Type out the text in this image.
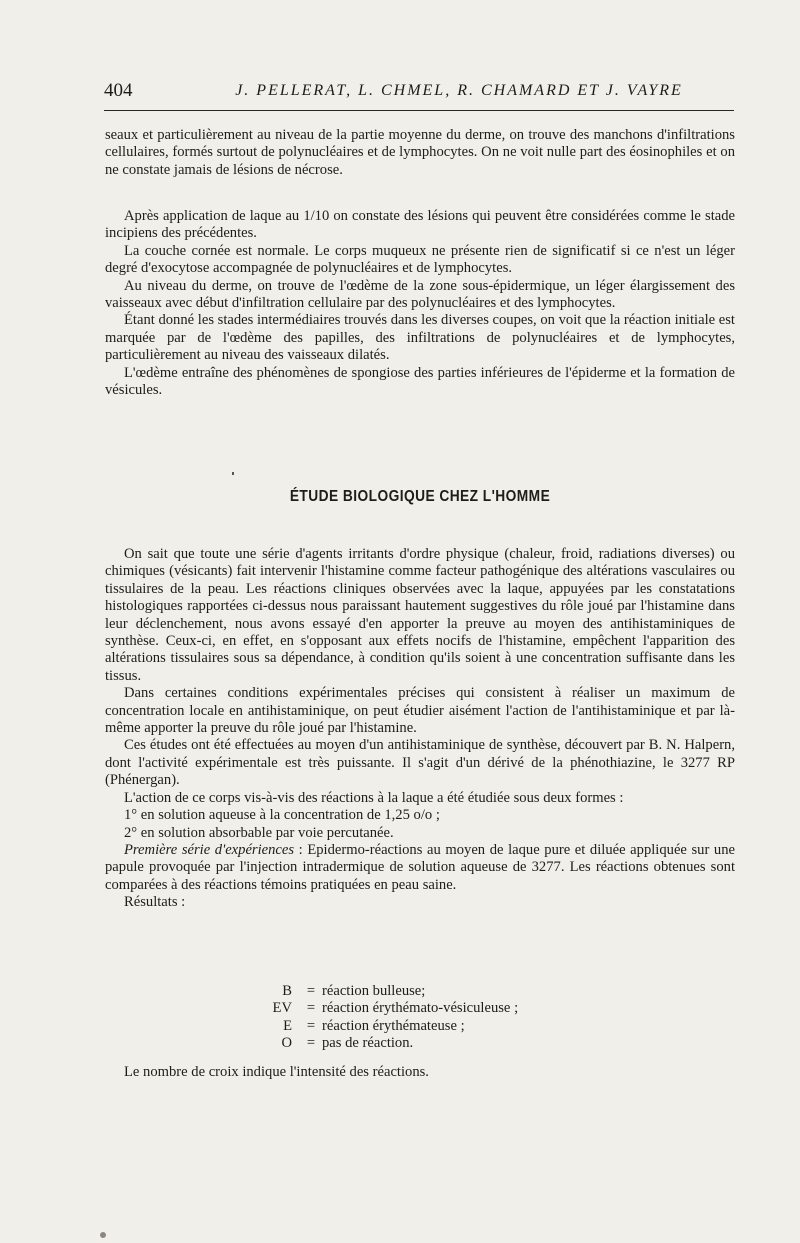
404	J. PELLERAT, L. CHMEL, R. CHAMARD ET J. VAYRE

seaux et particulièrement au niveau de la partie moyenne du derme, on trouve des manchons d'infiltrations cellulaires, formés surtout de polynucléaires et de lymphocytes. On ne voit nulle part des éosinophiles et on ne constate jamais de lésions de nécrose.

Après application de laque au 1/10 on constate des lésions qui peuvent être considérées comme le stade incipiens des précédentes.

La couche cornée est normale. Le corps muqueux ne présente rien de significatif si ce n'est un léger degré d'exocytose accompagnée de polynucléaires et de lymphocytes.

Au niveau du derme, on trouve de l'œdème de la zone sous-épidermique, un léger élargissement des vaisseaux avec début d'infiltration cellulaire par des polynucléaires et des lymphocytes.

Étant donné les stades intermédiaires trouvés dans les diverses coupes, on voit que la réaction initiale est marquée par de l'œdème des papilles, des infiltrations de polynucléaires et de lymphocytes, particulièrement au niveau des vaisseaux dilatés.

L'œdème entraîne des phénomènes de spongiose des parties inférieures de l'épiderme et la formation de vésicules.

ÉTUDE BIOLOGIQUE CHEZ L'HOMME

On sait que toute une série d'agents irritants d'ordre physique (chaleur, froid, radiations diverses) ou chimiques (vésicants) fait intervenir l'histamine comme facteur pathogénique des altérations vasculaires ou tissulaires de la peau. Les réactions cliniques observées avec la laque, appuyées par les constatations histologiques rapportées ci-dessus nous paraissant hautement suggestives du rôle joué par l'histamine dans leur déclenchement, nous avons essayé d'en apporter la preuve au moyen des antihistaminiques de synthèse. Ceux-ci, en effet, en s'opposant aux effets nocifs de l'histamine, empêchent l'apparition des altérations tissulaires sous sa dépendance, à condition qu'ils soient à une concentration suffisante dans les tissus.

Dans certaines conditions expérimentales précises qui consistent à réaliser un maximum de concentration locale en antihistaminique, on peut étudier aisément l'action de l'antihistaminique et par là-même apporter la preuve du rôle joué par l'histamine.

Ces études ont été effectuées au moyen d'un antihistaminique de synthèse, découvert par B. N. Halpern, dont l'activité expérimentale est très puissante. Il s'agit d'un dérivé de la phénothiazine, le 3277 RP (Phénergan).

L'action de ce corps vis-à-vis des réactions à la laque a été étudiée sous deux formes :

1° en solution aqueuse à la concentration de 1,25 o/o ;

2° en solution absorbable par voie percutanée.

Première série d'expériences : Epidermo-réactions au moyen de laque pure et diluée appliquée sur une papule provoquée par l'injection intradermique de solution aqueuse de 3277. Les réactions obtenues sont comparées à des réactions témoins pratiquées en peau saine.

Résultats :

B	=	réaction bulleuse;
EV	=	réaction érythémato-vésiculeuse ;
E	=	réaction érythémateuse ;
O	=	pas de réaction.
Le nombre de croix indique l'intensité des réactions.
